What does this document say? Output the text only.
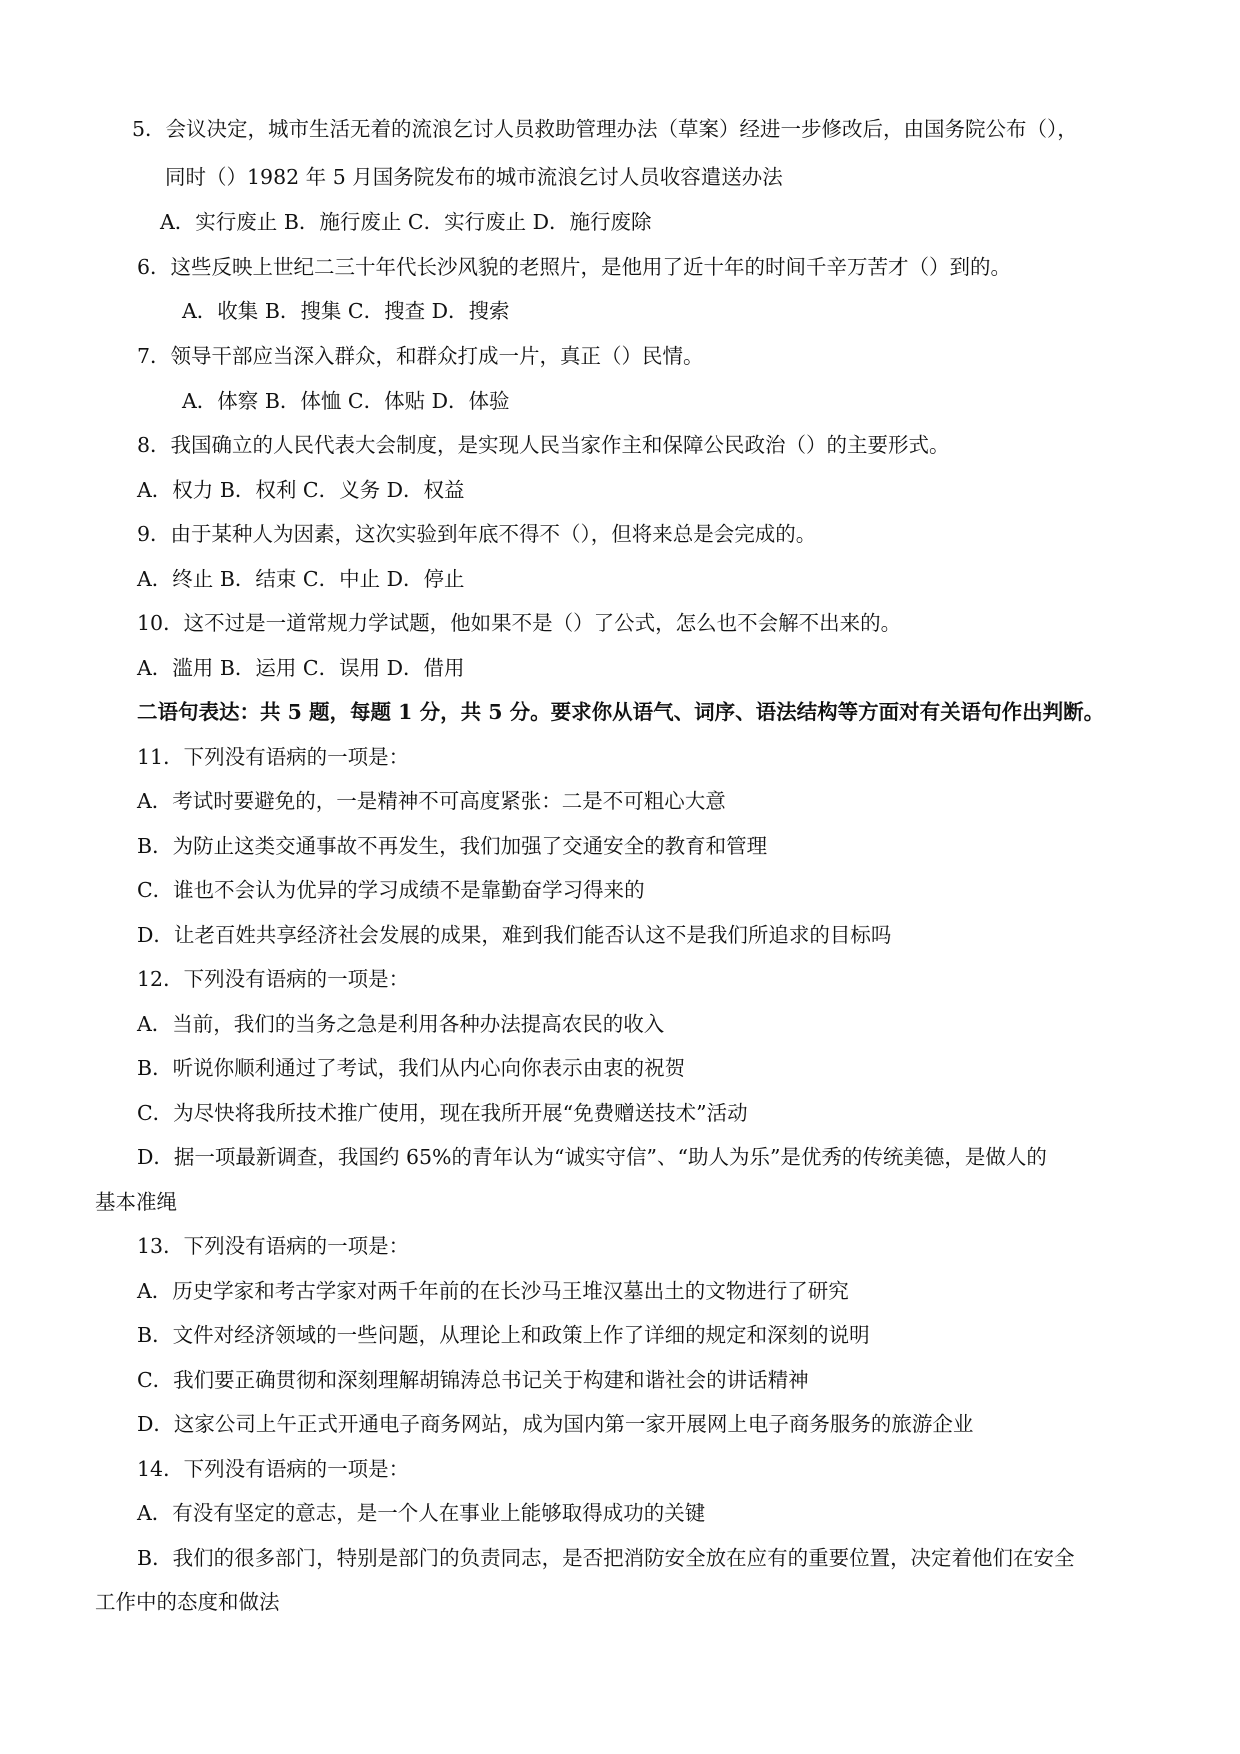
5．会议决定，城市生活无着的流浪乞讨人员救助管理办法（草案）经进一步修改后，由国务院公布（），
同时（）1982 年 5 月国务院发布的城市流浪乞讨人员收容遣送办法
A．实行废止 B．施行废止 C．实行废止 D．施行废除
6．这些反映上世纪二三十年代长沙风貌的老照片，是他用了近十年的时间千辛万苦才（）到的。
A．收集 B．搜集 C．搜查 D．搜索
7．领导干部应当深入群众，和群众打成一片，真正（）民情。
A．体察 B．体恤 C．体贴 D．体验
8．我国确立的人民代表大会制度，是实现人民当家作主和保障公民政治（）的主要形式。
A．权力 B．权利 C．义务 D．权益
9．由于某种人为因素，这次实验到年底不得不（），但将来总是会完成的。
A．终止 B．结束 C．中止 D．停止
10．这不过是一道常规力学试题，他如果不是（）了公式，怎么也不会解不出来的。
A．滥用 B．运用 C．误用 D．借用
二语句表达：共 5 题，每题 1 分，共 5 分。要求你从语气、词序、语法结构等方面对有关语句作出判断。
11．下列没有语病的一项是：
A．考试时要避免的，一是精神不可高度紧张：二是不可粗心大意
B．为防止这类交通事故不再发生，我们加强了交通安全的教育和管理
C．谁也不会认为优异的学习成绩不是靠勤奋学习得来的
D．让老百姓共享经济社会发展的成果，难到我们能否认这不是我们所追求的目标吗
12．下列没有语病的一项是：
A．当前，我们的当务之急是利用各种办法提高农民的收入
B．听说你顺利通过了考试，我们从内心向你表示由衷的祝贺
C．为尽快将我所技术推广使用，现在我所开展“免费赠送技术”活动
D．据一项最新调查，我国约 65%的青年认为“诚实守信”、“助人为乐”是优秀的传统美德，是做人的
基本准绳
13．下列没有语病的一项是：
A．历史学家和考古学家对两千年前的在长沙马王堆汉墓出土的文物进行了研究
B．文件对经济领域的一些问题，从理论上和政策上作了详细的规定和深刻的说明
C．我们要正确贯彻和深刻理解胡锦涛总书记关于构建和谐社会的讲话精神
D．这家公司上午正式开通电子商务网站，成为国内第一家开展网上电子商务服务的旅游企业
14．下列没有语病的一项是：
A．有没有坚定的意志，是一个人在事业上能够取得成功的关键
B．我们的很多部门，特别是部门的负责同志，是否把消防安全放在应有的重要位置，决定着他们在安全
工作中的态度和做法
